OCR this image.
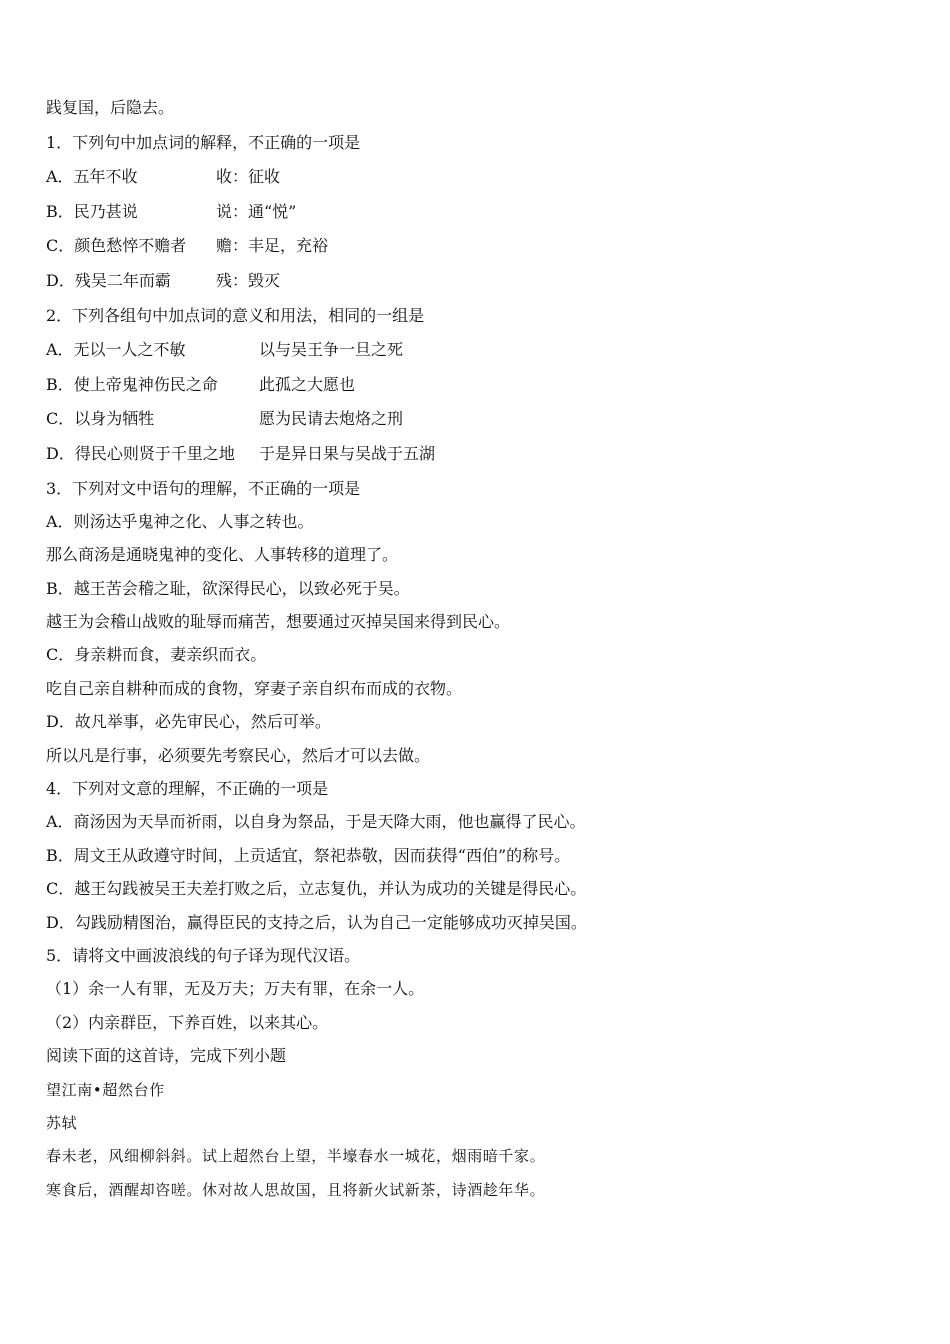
践复国，后隐去。
1．下列句中加点词的解释，不正确的一项是
A．五年不收	收：征收
B．民乃甚说	说：通“悦”
C．颜色愁悴不赡者 赡：丰足，充裕
D．残吴二年而霸	残：毁灭
2．下列各组句中加点词的意义和用法，相同的一组是
A．无以一人之不敏	以与吴王争一旦之死
B．使上帝鬼神伤民之命	此孤之大愿也
C．以身为牺牲	愿为民请去炮烙之刑
D．得民心则贤于千里之地 于是异日果与吴战于五湖
3．下列对文中语句的理解，不正确的一项是
A．则汤达乎鬼神之化、人事之转也。
那么商汤是通晓鬼神的变化、人事转移的道理了。
B．越王苦会稽之耻，欲深得民心，以致必死于吴。
越王为会稽山战败的耻辱而痛苦，想要通过灭掉吴国来得到民心。
C．身亲耕而食，妻亲织而衣。
吃自己亲自耕种而成的食物，穿妻子亲自织布而成的衣物。
D．故凡举事，必先审民心，然后可举。
所以凡是行事，必须要先考察民心，然后才可以去做。
4．下列对文意的理解，不正确的一项是
A．商汤因为天旱而祈雨，以自身为祭品，于是天降大雨，他也赢得了民心。
B．周文王从政遵守时间，上贡适宜，祭祀恭敬，因而获得“西伯”的称号。
C．越王勾践被吴王夫差打败之后，立志复仇，并认为成功的关键是得民心。
D．勾践励精图治，赢得臣民的支持之后，认为自己一定能够成功灭掉吴国。
5．请将文中画波浪线的句子译为现代汉语。
（1）余一人有罪，无及万夫；万夫有罪，在余一人。
（2）内亲群臣，下养百姓，以来其心。
阅读下面的这首诗，完成下列小题
望江南•超然台作
苏轼
春未老，风细柳斜斜。试上超然台上望，半壕春水一城花，烟雨暗千家。
寒食后，酒醒却咨嗟。休对故人思故国，且将新火试新茶，诗酒趁年华。
